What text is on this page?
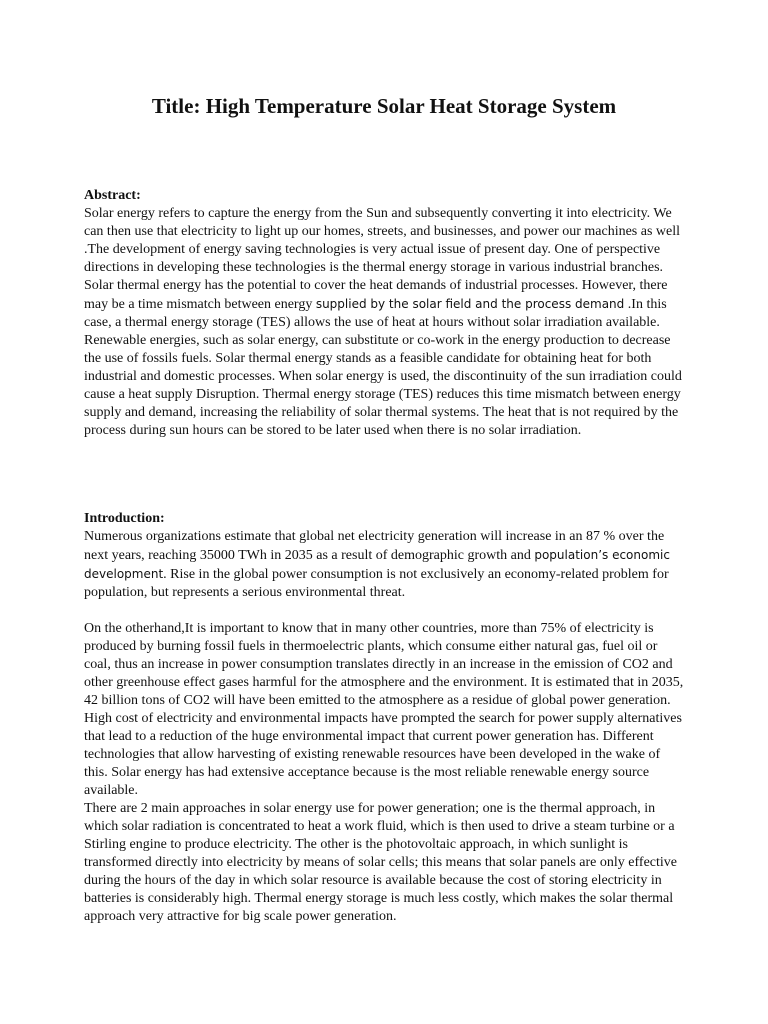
Title: High Temperature Solar Heat Storage System

Abstract:

Solar energy refers to capture the energy from the Sun and subsequently converting it into electricity. We can then use that electricity to light up our homes, streets, and businesses, and power our machines as well .The development of energy saving technologies is very actual issue of present day. One of perspective directions in developing these technologies is the thermal energy storage in various industrial branches. Solar thermal energy has the potential to cover the heat demands of industrial processes. However, there may be a time mismatch between energy supplied by the solar field and the process demand .In this case, a thermal energy storage (TES) allows the use of heat at hours without solar irradiation available.

Renewable energies, such as solar energy, can substitute or co-work in the energy production to decrease the use of fossils fuels. Solar thermal energy stands as a feasible candidate for obtaining heat for both industrial and domestic processes. When solar energy is used, the discontinuity of the sun irradiation could cause a heat supply Disruption. Thermal energy storage (TES) reduces this time mismatch between energy supply and demand, increasing the reliability of solar thermal systems. The heat that is not required by the process during sun hours can be stored to be later used when there is no solar irradiation.

Introduction:

Numerous organizations estimate that global net electricity generation will increase in an 87 % over the next years, reaching 35000 TWh in 2035 as a result of demographic growth and population’s economic development. Rise in the global power consumption is not exclusively an economy-related problem for population, but represents a serious environmental threat.

On the otherhand,It is important to know that in many other countries, more than 75% of electricity is produced by burning fossil fuels in thermoelectric plants, which consume either natural gas, fuel oil or coal, thus an increase in power consumption translates directly in an increase in the emission of CO2 and other greenhouse effect gases harmful for the atmosphere and the environment. It is estimated that in 2035, 42 billion tons of CO2 will have been emitted to the atmosphere as a residue of global power generation.

High cost of electricity and environmental impacts have prompted the search for power supply alternatives that lead to a reduction of the huge environmental impact that current power generation has. Different technologies that allow harvesting of existing renewable resources have been developed in the wake of this. Solar energy has had extensive acceptance because is the most reliable renewable energy source available.

There are 2 main approaches in solar energy use for power generation; one is the thermal approach, in which solar radiation is concentrated to heat a work fluid, which is then used to drive a steam turbine or a Stirling engine to produce electricity. The other is the photovoltaic approach, in which sunlight is transformed directly into electricity by means of solar cells; this means that solar panels are only effective during the hours of the day in which solar resource is available because the cost of storing electricity in batteries is considerably high. Thermal energy storage is much less costly, which makes the solar thermal approach very attractive for big scale power generation.
